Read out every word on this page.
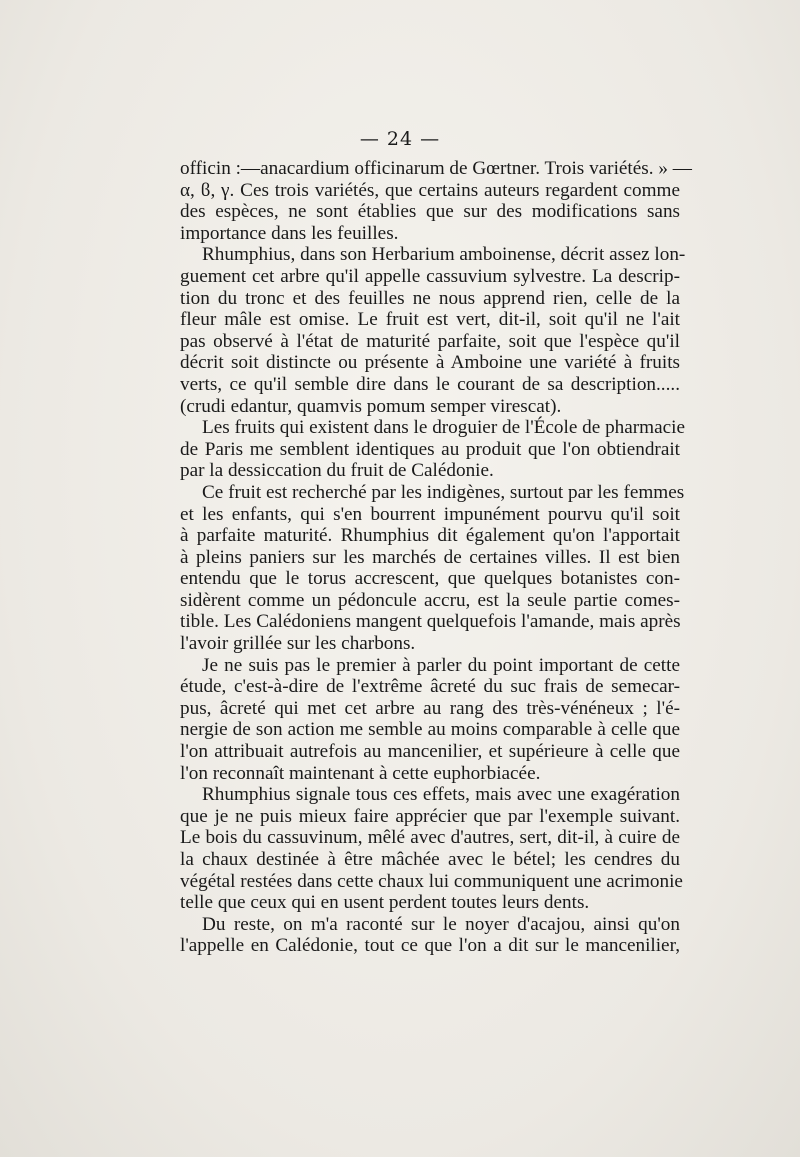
— 24 —
officin :—anacardium officinarum de Gœrtner. Trois variétés. » —
α, ϐ, γ. Ces trois variétés, que certains auteurs regardent comme
des espèces, ne sont établies que sur des modifications sans
importance dans les feuilles.
Rhumphius, dans son Herbarium amboinense, décrit assez lon-
guement cet arbre qu'il appelle cassuvium sylvestre. La descrip-
tion du tronc et des feuilles ne nous apprend rien, celle de la
fleur mâle est omise. Le fruit est vert, dit-il, soit qu'il ne l'ait
pas observé à l'état de maturité parfaite, soit que l'espèce qu'il
décrit soit distincte ou présente à Amboine une variété à fruits
verts, ce qu'il semble dire dans le courant de sa description.....
(crudi edantur, quamvis pomum semper virescat).
Les fruits qui existent dans le droguier de l'École de pharmacie
de Paris me semblent identiques au produit que l'on obtiendrait
par la dessiccation du fruit de Calédonie.
Ce fruit est recherché par les indigènes, surtout par les femmes
et les enfants, qui s'en bourrent impunément pourvu qu'il soit
à parfaite maturité. Rhumphius dit également qu'on l'apportait
à pleins paniers sur les marchés de certaines villes. Il est bien
entendu que le torus accrescent, que quelques botanistes con-
sidèrent comme un pédoncule accru, est la seule partie comes-
tible. Les Calédoniens mangent quelquefois l'amande, mais après
l'avoir grillée sur les charbons.
Je ne suis pas le premier à parler du point important de cette
étude, c'est-à-dire de l'extrême âcreté du suc frais de semecar-
pus, âcreté qui met cet arbre au rang des très-vénéneux ; l'é-
nergie de son action me semble au moins comparable à celle que
l'on attribuait autrefois au mancenilier, et supérieure à celle que
l'on reconnaît maintenant à cette euphorbiacée.
Rhumphius signale tous ces effets, mais avec une exagération
que je ne puis mieux faire apprécier que par l'exemple suivant.
Le bois du cassuvinum, mêlé avec d'autres, sert, dit-il, à cuire de
la chaux destinée à être mâchée avec le bétel; les cendres du
végétal restées dans cette chaux lui communiquent une acrimonie
telle que ceux qui en usent perdent toutes leurs dents.
Du reste, on m'a raconté sur le noyer d'acajou, ainsi qu'on
l'appelle en Calédonie, tout ce que l'on a dit sur le mancenilier,
